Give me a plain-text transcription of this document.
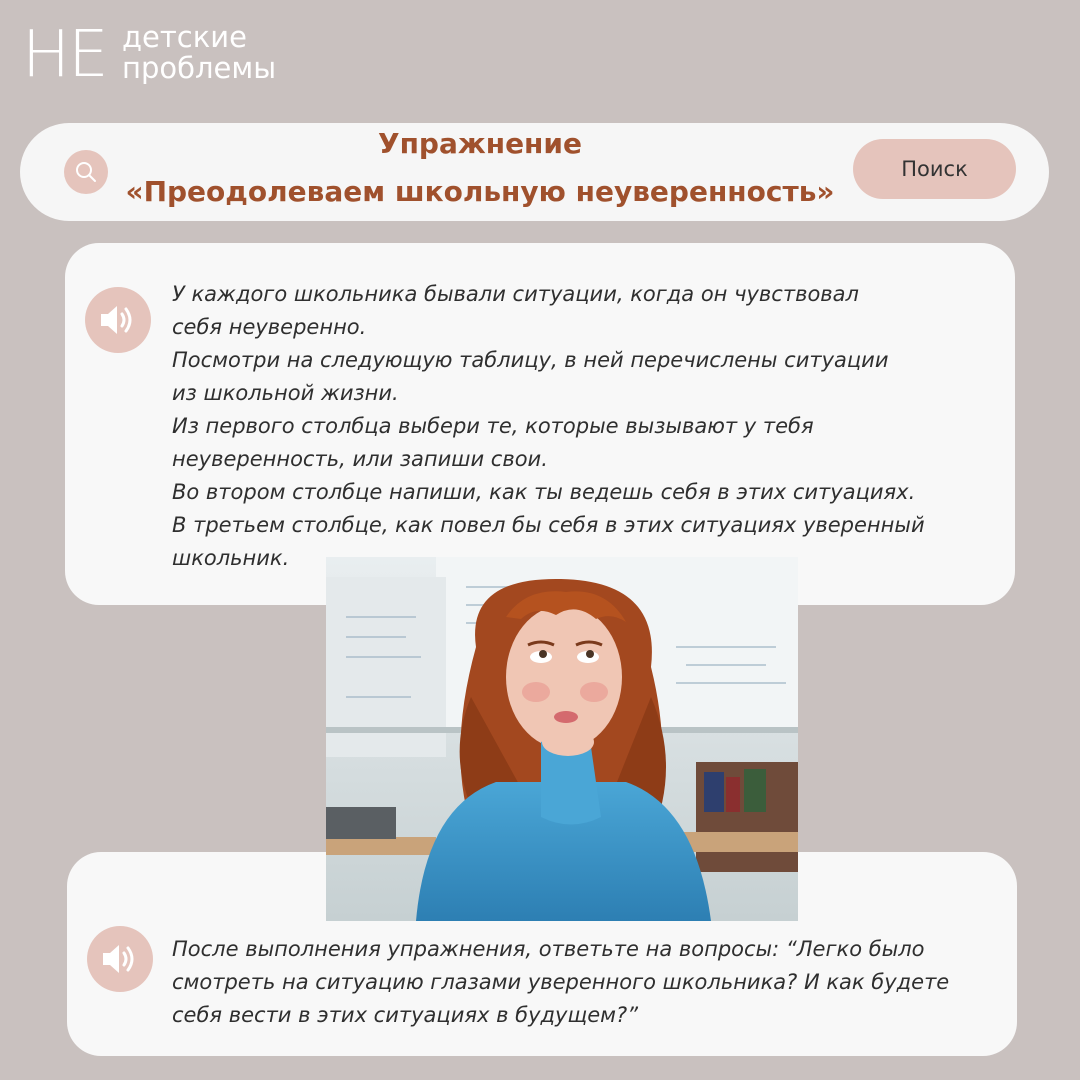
НЕ детские
проблемы
Упражнение
«Преодолеваем школьную неуверенность»
Поиск
У каждого школьника бывали ситуации, когда он чувствовал
себя неуверенно.
Посмотри на следующую таблицу, в ней перечислены ситуации
из школьной жизни.
Из первого столбца выбери те, которые вызывают у тебя
неуверенность, или запиши свои.
Во втором столбце напиши, как ты ведешь себя в этих ситуациях.
В третьем столбце, как повел бы себя в этих ситуациях уверенный
школьник.
После выполнения упражнения, ответьте на вопросы: “Легко было
смотреть на ситуацию глазами уверенного школьника? И как будете
себя вести в этих ситуациях в будущем?”
